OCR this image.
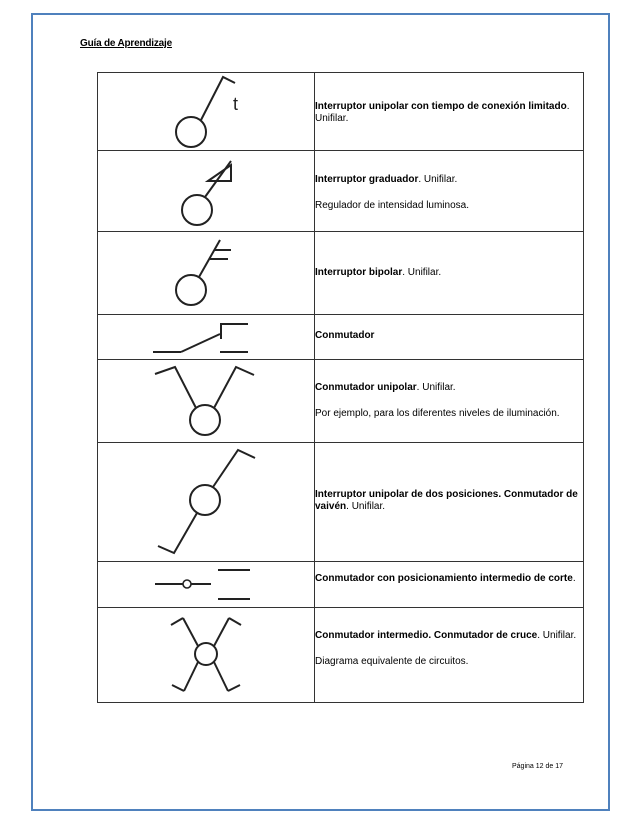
Guía de Aprendizaje
t	Interruptor unipolar con tiempo de conexión limitado. Unifilar.

Interruptor graduador. Unifilar.

Regulador de intensidad luminosa.

Interruptor bipolar. Unifilar.

Conmutador

Conmutador unipolar. Unifilar.

Por ejemplo, para los diferentes niveles de iluminación.

Interruptor unipolar de dos posiciones. Conmutador de vaivén. Unifilar.

Conmutador con posicionamiento intermedio de corte.

Conmutador intermedio. Conmutador de cruce. Unifilar.

Diagrama equivalente de circuitos.

Página 12 de 17
